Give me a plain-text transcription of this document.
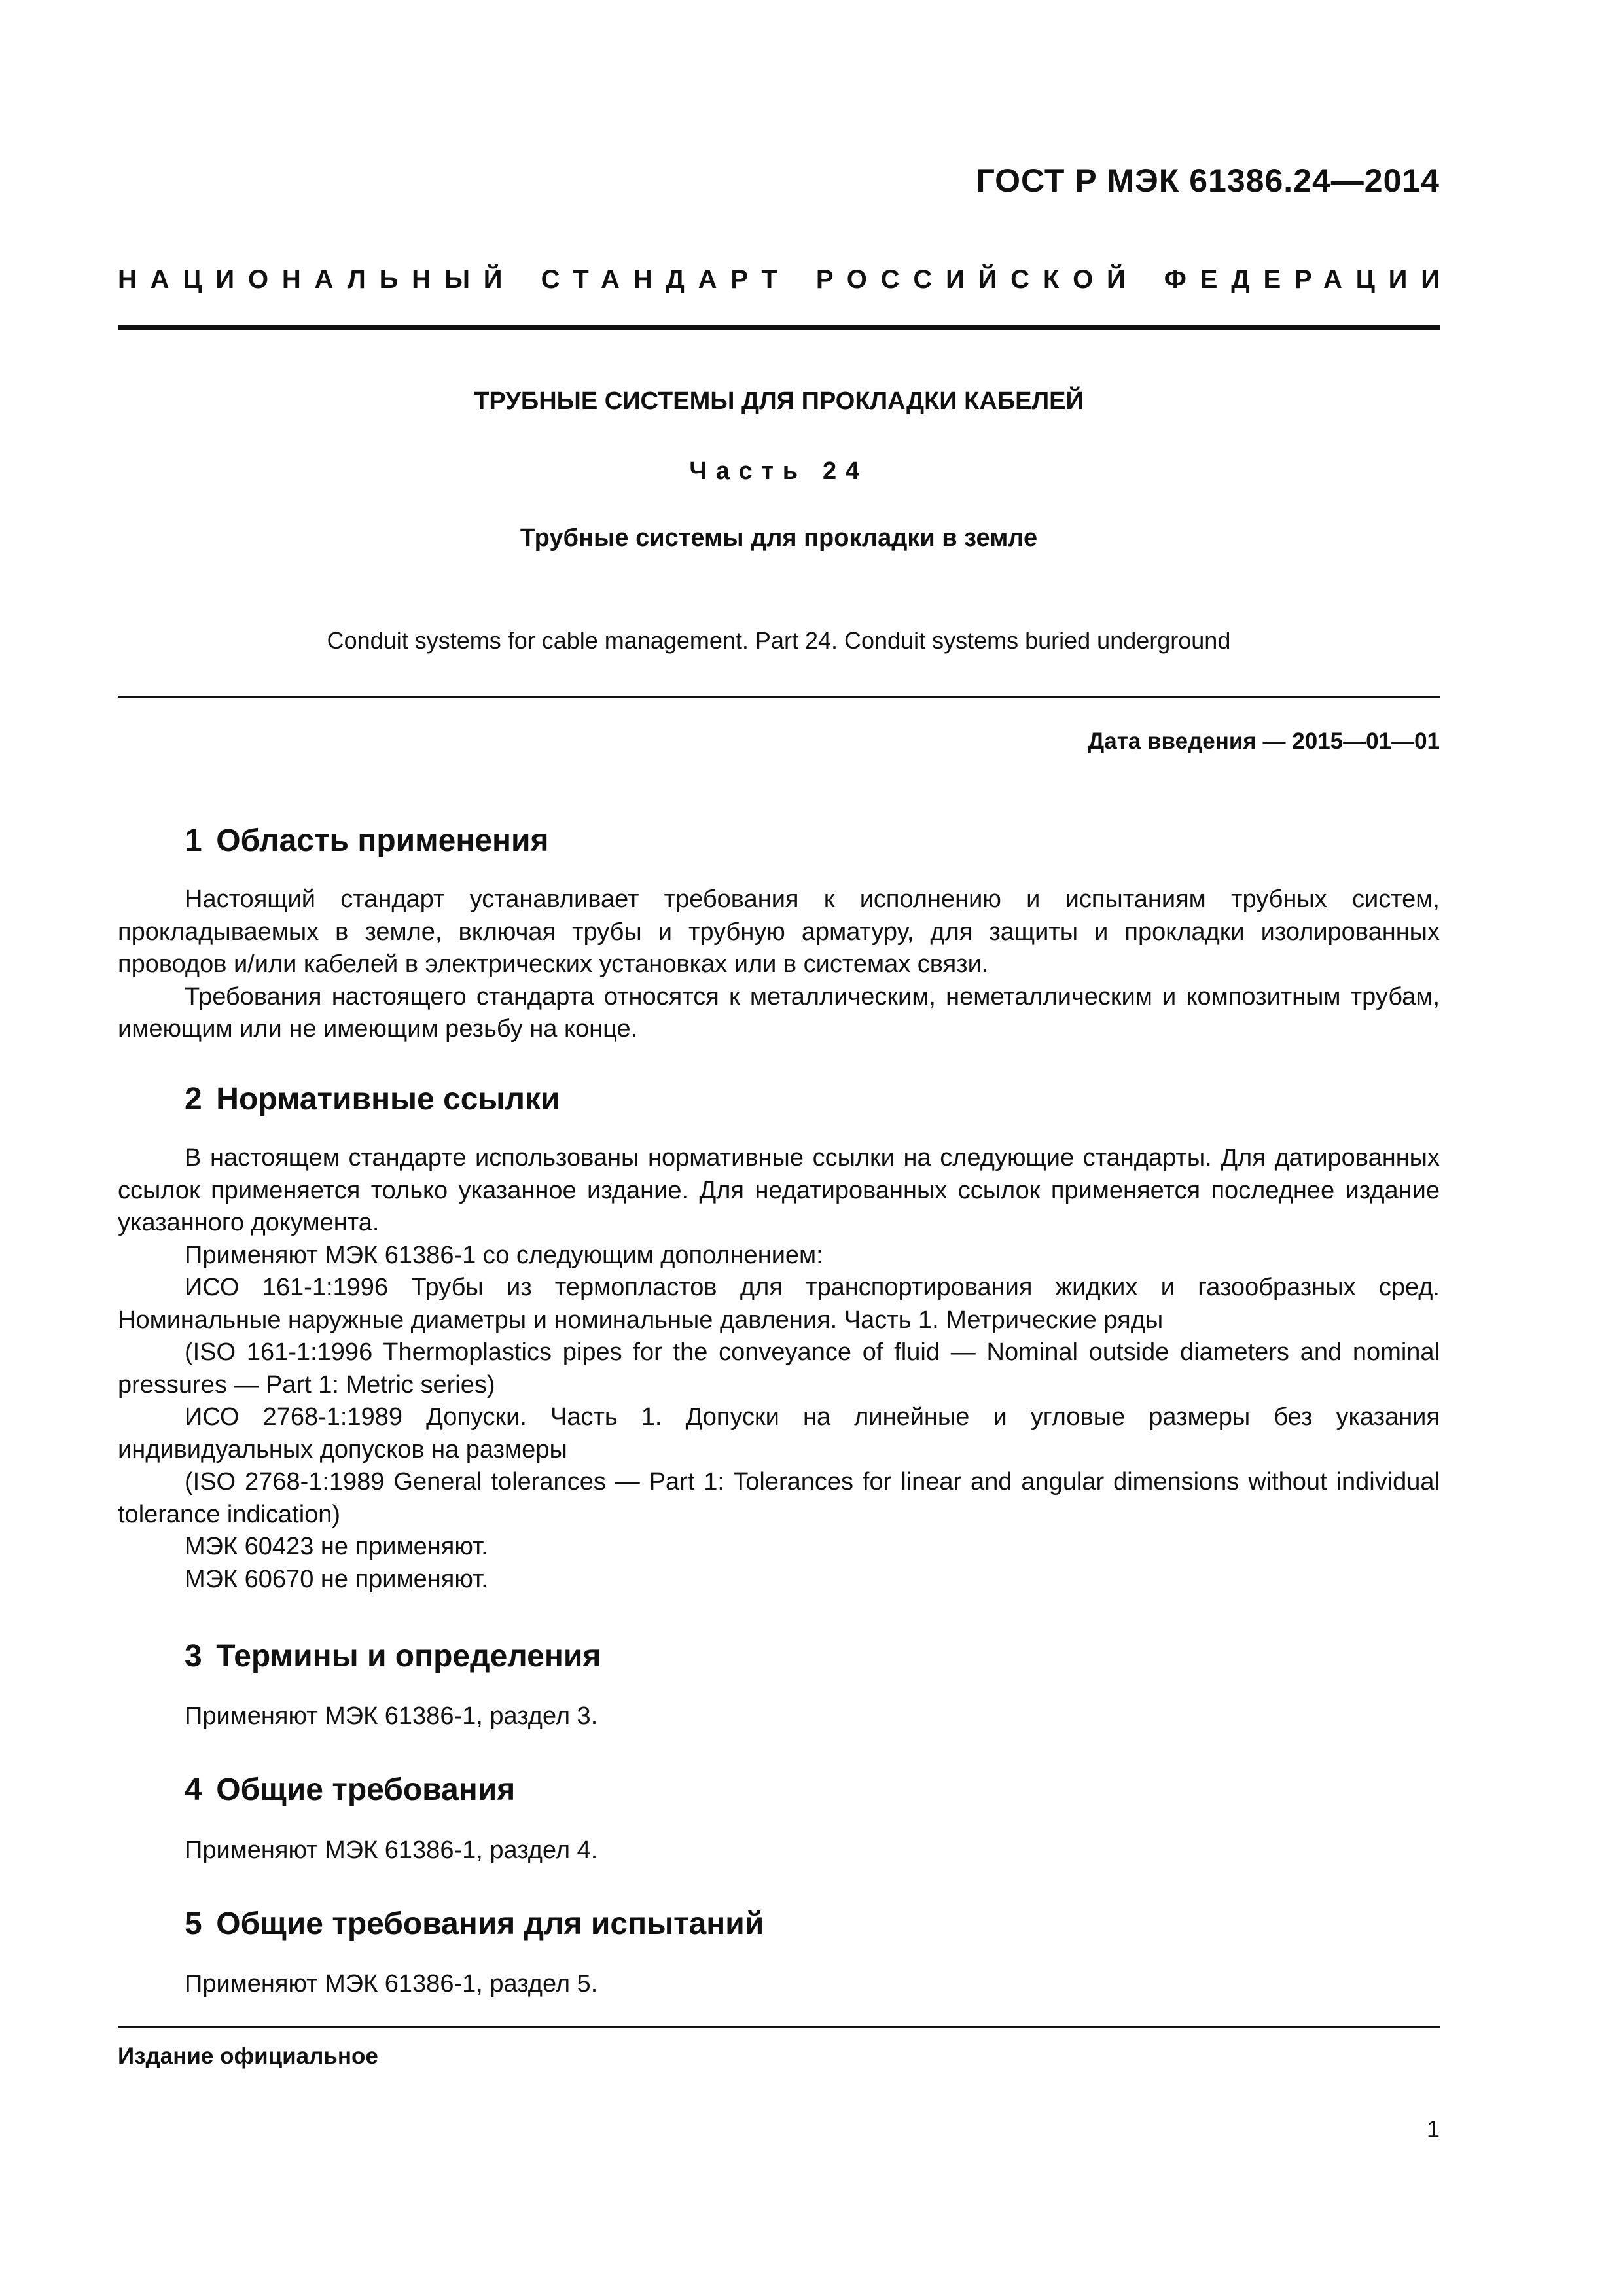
ГОСТ Р МЭК 61386.24—2014
НАЦИОНАЛЬНЫЙ СТАНДАРТ РОССИЙСКОЙ ФЕДЕРАЦИИ
ТРУБНЫЕ СИСТЕМЫ ДЛЯ ПРОКЛАДКИ КАБЕЛЕЙ
Часть 24
Трубные системы для прокладки в земле
Conduit systems for cable management. Part 24. Conduit systems buried underground
Дата введения — 2015—01—01
1 Область применения

Настоящий стандарт устанавливает требования к исполнению и испытаниям трубных систем, прокладываемых в земле, включая трубы и трубную арматуру, для защиты и прокладки изолированных проводов и/или кабелей в электрических установках или в системах связи.

Требования настоящего стандарта относятся к металлическим, неметаллическим и композитным трубам, имеющим или не имеющим резьбу на конце.

2 Нормативные ссылки

В настоящем стандарте использованы нормативные ссылки на следующие стандарты. Для датированных ссылок применяется только указанное издание. Для недатированных ссылок применяется последнее издание указанного документа.

Применяют МЭК 61386-1 со следующим дополнением:

ИСО 161-1:1996 Трубы из термопластов для транспортирования жидких и газообразных сред. Номинальные наружные диаметры и номинальные давления. Часть 1. Метрические ряды

(ISO 161-1:1996 Thermoplastics pipes for the conveyance of fluid — Nominal outside diameters and nominal pressures — Part 1: Metric series)

ИСО 2768-1:1989 Допуски. Часть 1. Допуски на линейные и угловые размеры без указания индивидуальных допусков на размеры

(ISO 2768-1:1989 General tolerances — Part 1: Tolerances for linear and angular dimensions without individual tolerance indication)

МЭК 60423 не применяют.

МЭК 60670 не применяют.

3 Термины и определения

Применяют МЭК 61386-1, раздел 3.

4 Общие требования

Применяют МЭК 61386-1, раздел 4.

5 Общие требования для испытаний

Применяют МЭК 61386-1, раздел 5.

Издание официальное
1
